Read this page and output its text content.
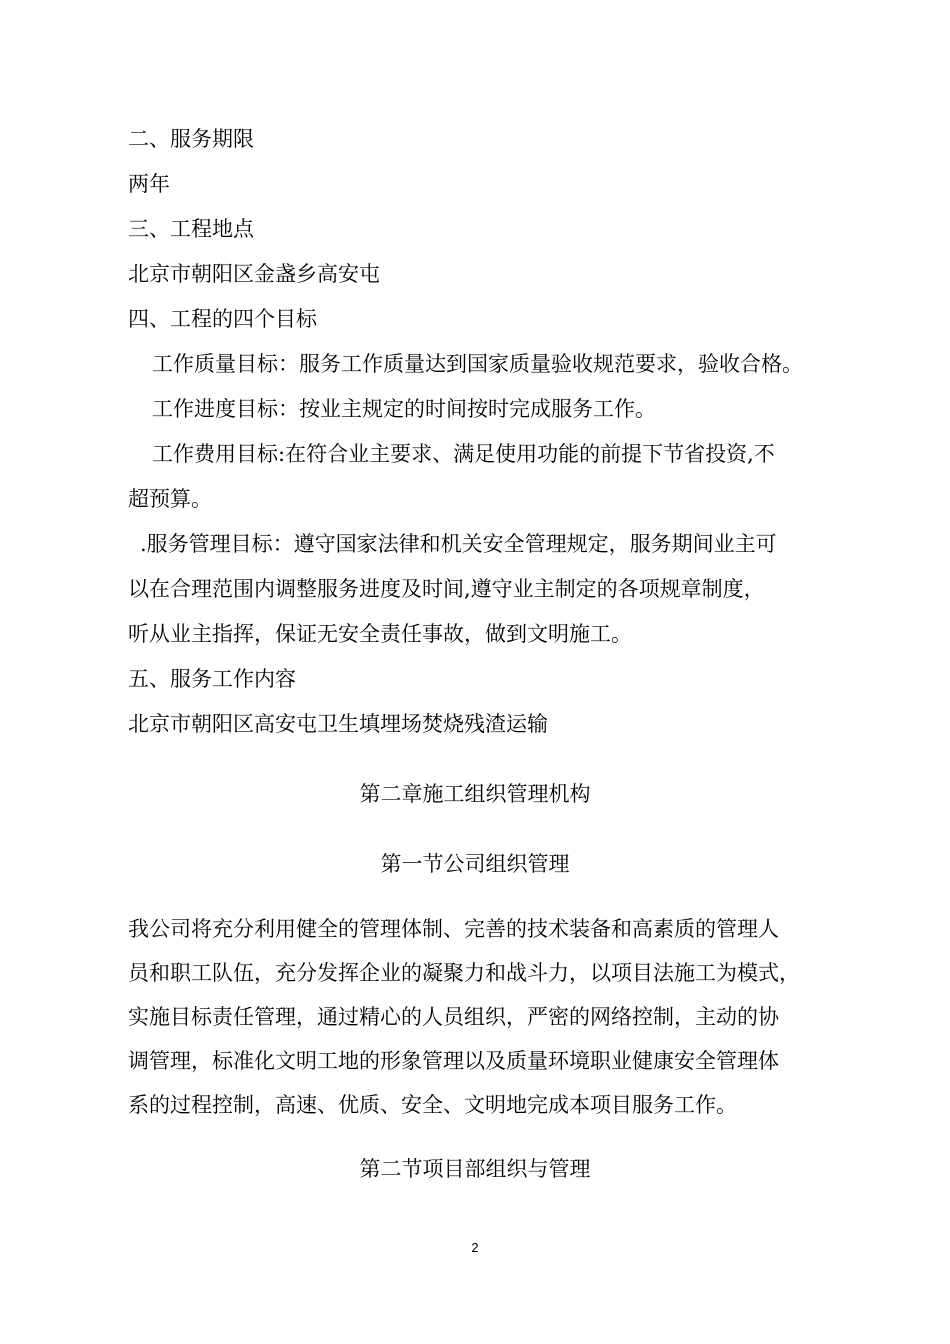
二、服务期限

两年

三、工程地点

北京市朝阳区金盏乡高安屯

四、工程的四个目标

工作质量目标：服务工作质量达到国家质量验收规范要求，验收合格。

工作进度目标：按业主规定的时间按时完成服务工作。

工作费用目标:在符合业主要求、满足使用功能的前提下节省投资,不

超预算。

.服务管理目标：遵守国家法律和机关安全管理规定，服务期间业主可

以在合理范围内调整服务进度及时间,遵守业主制定的各项规章制度，

听从业主指挥，保证无安全责任事故，做到文明施工。

五、服务工作内容

北京市朝阳区高安屯卫生填埋场焚烧残渣运输

第二章施工组织管理机构

第一节公司组织管理

我公司将充分利用健全的管理体制、完善的技术装备和高素质的管理人

员和职工队伍，充分发挥企业的凝聚力和战斗力，以项目法施工为模式，

实施目标责任管理，通过精心的人员组织，严密的网络控制，主动的协

调管理，标准化文明工地的形象管理以及质量环境职业健康安全管理体

系的过程控制，高速、优质、安全、文明地完成本项目服务工作。

第二节项目部组织与管理

2
